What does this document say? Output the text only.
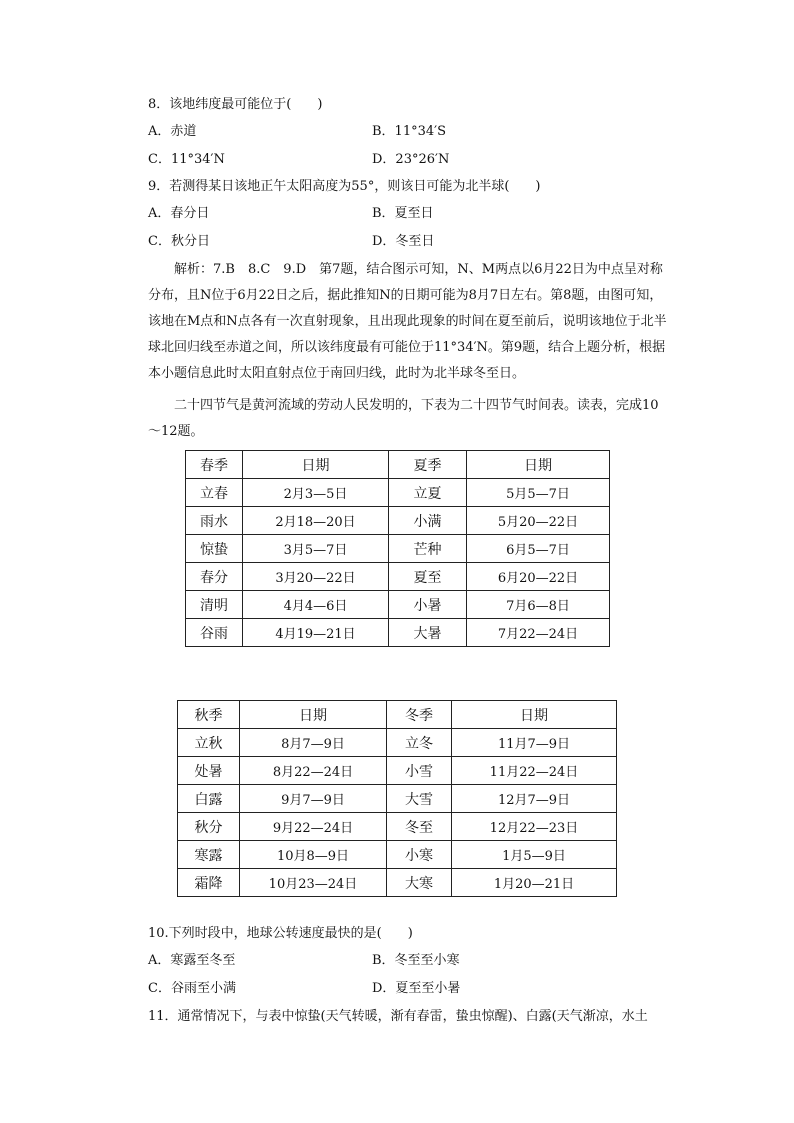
8．该地纬度最可能位于(　　)
A．赤道	B．11°34′S
C．11°34′N	D．23°26′N
9．若测得某日该地正午太阳高度为55°，则该日可能为北半球(　　)
A．春分日	B．夏至日
C．秋分日	D．冬至日
解析：7.B　8.C　9.D　第7题，结合图示可知，N、M两点以6月22日为中点呈对称分布，且N位于6月22日之后，据此推知N的日期可能为8月7日左右。第8题，由图可知，该地在M点和N点各有一次直射现象，且出现此现象的时间在夏至前后，说明该地位于北半球北回归线至赤道之间，所以该纬度最有可能位于11°34′N。第9题，结合上题分析，根据本小题信息此时太阳直射点位于南回归线，此时为北半球冬至日。
二十四节气是黄河流域的劳动人民发明的，下表为二十四节气时间表。读表，完成10～12题。
春季	日期	夏季	日期
立春	2月3—5日	立夏	5月5—7日
雨水	2月18—20日	小满	5月20—22日
惊蛰	3月5—7日	芒种	6月5—7日
春分	3月20—22日	夏至	6月20—22日
清明	4月4—6日	小暑	7月6—8日
谷雨	4月19—21日	大暑	7月22—24日
秋季	日期	冬季	日期
立秋	8月7—9日	立冬	11月7—9日
处暑	8月22—24日	小雪	11月22—24日
白露	9月7—9日	大雪	12月7—9日
秋分	9月22—24日	冬至	12月22—23日
寒露	10月8—9日	小寒	1月5—9日
霜降	10月23—24日	大寒	1月20—21日
10.下列时段中，地球公转速度最快的是(　　)
A．寒露至冬至	B．冬至至小寒
C．谷雨至小满	D．夏至至小暑
11．通常情况下，与表中惊蛰(天气转暖，渐有春雷，蛰虫惊醒)、白露(天气渐凉，水土
